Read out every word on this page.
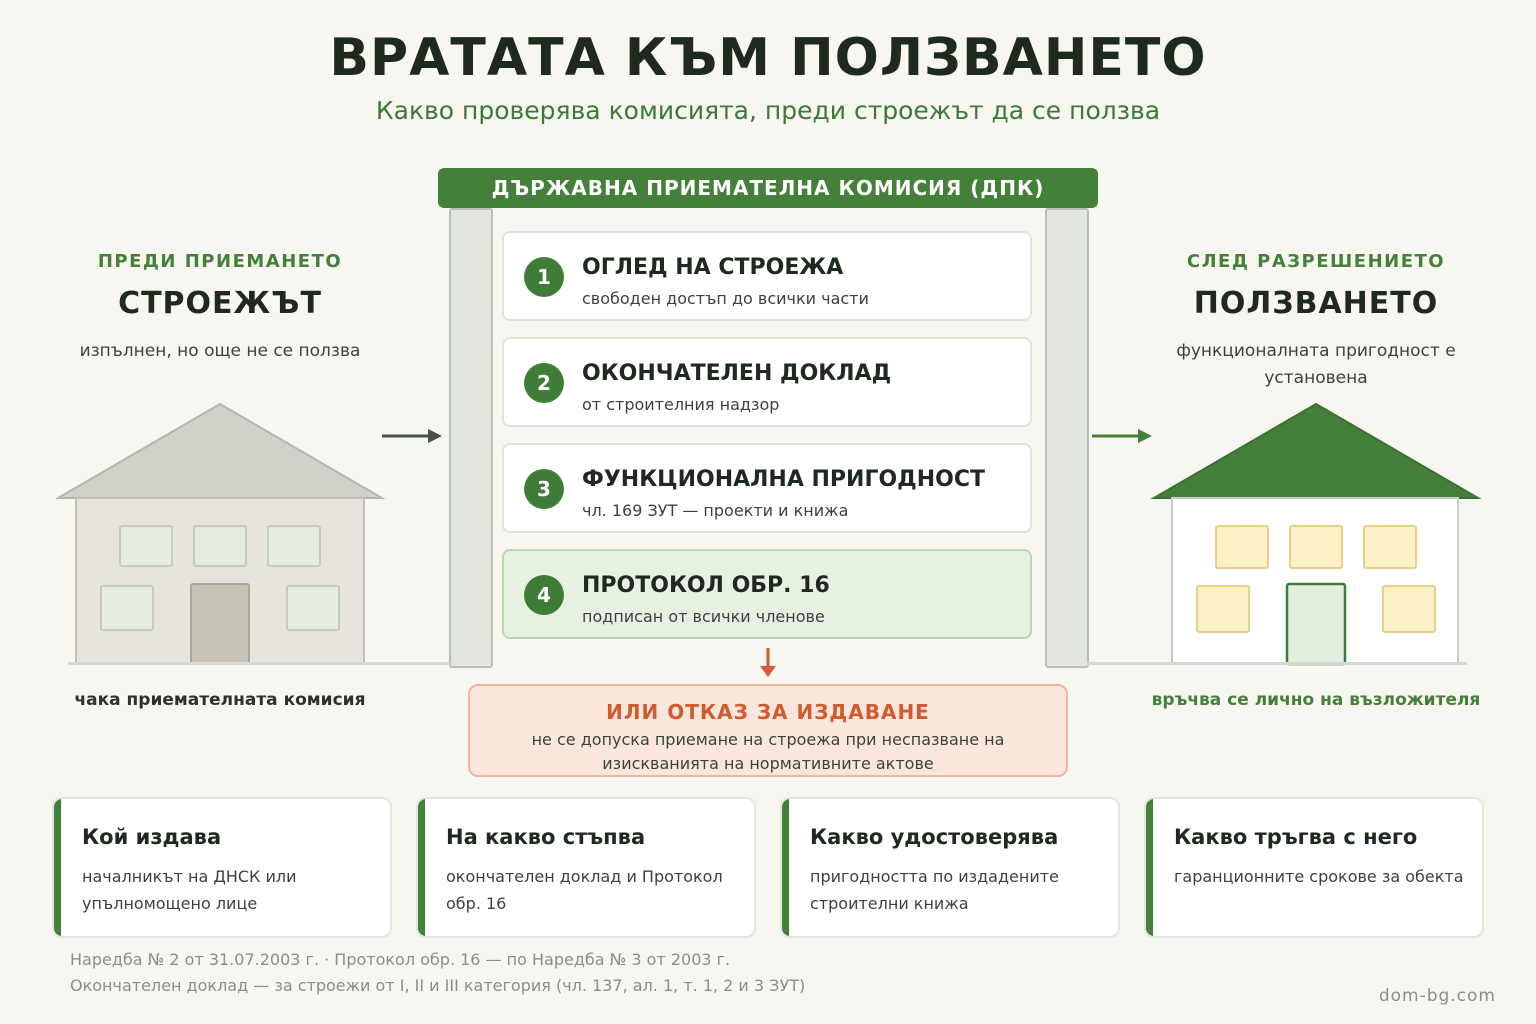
ВРАТАТА КЪМ ПОЛЗВАНЕТО
Какво проверява комисията, преди строежът да се ползва
ДЪРЖАВНА ПРИЕМАТЕЛНА КОМИСИЯ (ДПК)
1	ОГЛЕД НА СТРОЕЖА
свободен достъп до всички части
2	ОКОНЧАТЕЛЕН ДОКЛАД
от строителния надзор
3	ФУНКЦИОНАЛНА ПРИГОДНОСТ
чл. 169 ЗУТ — проекти и книжа
4	ПРОТОКОЛ ОБР. 16
подписан от всички членове
ИЛИ ОТКАЗ ЗА ИЗДАВАНЕ
не се допуска приемане на строежа при неспазване на изискванията на нормативните актове
ПРЕДИ ПРИЕМАНЕТО
СТРОЕЖЪТ
изпълнен, но още не се ползва
чака приемателната комисия
СЛЕД РАЗРЕШЕНИЕТО
ПОЛЗВАНЕТО
функционалната пригодност е
установена
връчва се лично на възложителя
Кой издава
началникът на ДНСК или упълномощено лице
На какво стъпва
окончателен доклад и Протокол обр. 16
Какво удостоверява
пригодността по издадените строителни книжа
Какво тръгва с него
гаранционните срокове за обекта
Наредба № 2 от 31.07.2003 г. · Протокол обр. 16 — по Наредба № 3 от 2003 г.
Окончателен доклад — за строежи от I, II и III категория (чл. 137, ал. 1, т. 1, 2 и 3 ЗУТ)
dom-bg.com
